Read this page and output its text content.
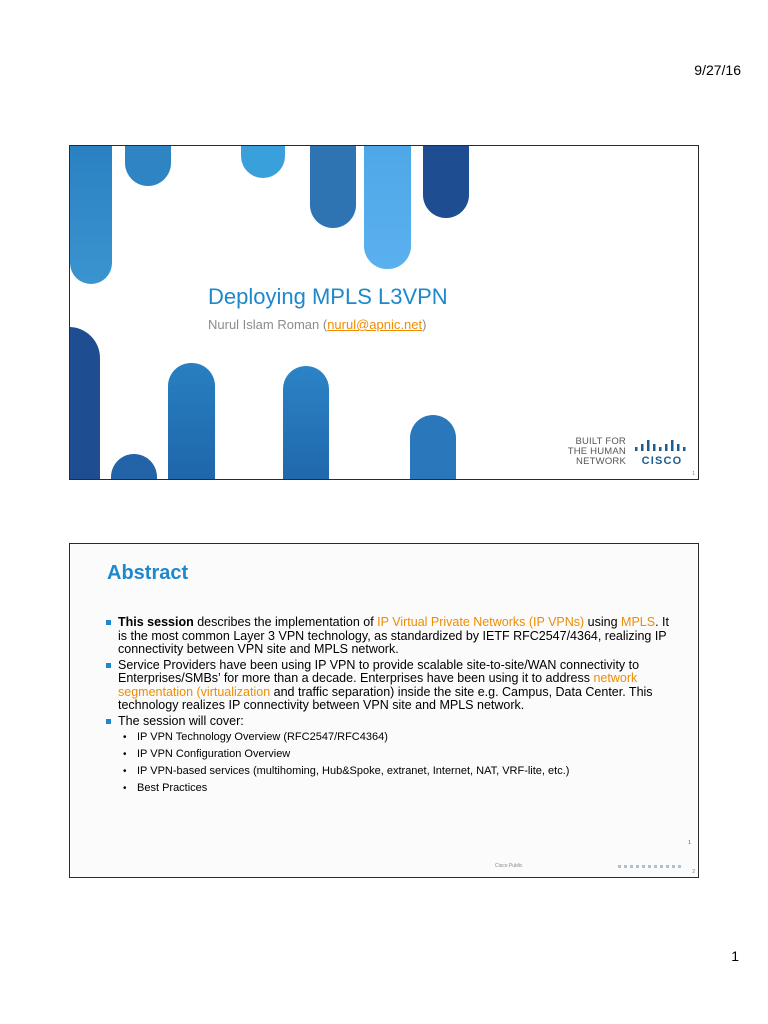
9/27/16
Deploying MPLS L3VPN
Nurul Islam Roman (nurul@apnic.net)
BUILT FOR
THE HUMAN
NETWORK CISCO
1
Abstract
This session describes the implementation of IP Virtual Private Networks (IP VPNs) using MPLS. It is the most common Layer 3 VPN technology, as standardized by IETF RFC2547/4364, realizing IP connectivity between VPN site and MPLS network.
Service Providers have been using IP VPN to provide scalable site-to-site/WAN connectivity to Enterprises/SMBs’ for more than a decade. Enterprises have been using it to address network segmentation (virtualization and traffic separation) inside the site e.g. Campus, Data Center. This technology realizes IP connectivity between VPN site and MPLS network.
The session will cover:
• IP VPN Technology Overview (RFC2547/RFC4364)
• IP VPN Configuration Overview
• IP VPN-based services (multihoming, Hub&Spoke, extranet, Internet, NAT, VRF-lite, etc.)
• Best Practices
1
Cisco Public
2
1
